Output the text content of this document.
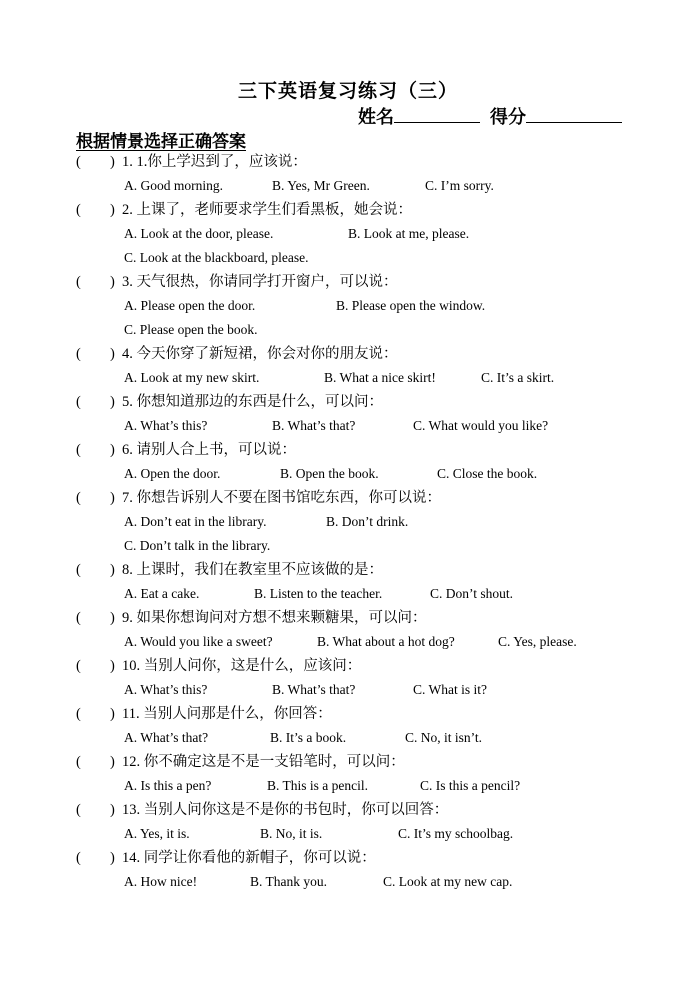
三下英语复习练习（三）
姓名	得分
根据情景选择正确答案
( ) 1. 1.你上学迟到了，应该说：
A. Good morning.	B. Yes, Mr Green.	C. I’m sorry.
( ) 2. 上课了，老师要求学生们看黑板，她会说：
A. Look at the door, please.	B. Look at me, please.
C. Look at the blackboard, please.
( ) 3. 天气很热，你请同学打开窗户，可以说：
A. Please open the door.	B. Please open the window.
C. Please open the book.
( ) 4. 今天你穿了新短裙，你会对你的朋友说：
A. Look at my new skirt.	B. What a nice skirt!	C. It’s a skirt.
( ) 5. 你想知道那边的东西是什么，可以问：
A. What’s this?	B. What’s that?	C. What would you like?
( ) 6. 请别人合上书，可以说：
A. Open the door.	B. Open the book.	C. Close the book.
( ) 7. 你想告诉别人不要在图书馆吃东西，你可以说：
A. Don’t eat in the library.	B. Don’t drink.
C. Don’t talk in the library.
( ) 8. 上课时，我们在教室里不应该做的是：
A. Eat a cake.	B. Listen to the teacher.	C. Don’t shout.
( ) 9. 如果你想询问对方想不想来颗糖果，可以问：
A. Would you like a sweet?	B. What about a hot dog?	C. Yes, please.
( ) 10. 当别人问你，这是什么，应该问：
A. What’s this?	B. What’s that?	C. What is it?
( ) 11. 当别人问那是什么，你回答：
A. What’s that?	B. It’s a book.	C. No, it isn’t.
( ) 12. 你不确定这是不是一支铅笔时，可以问：
A. Is this a pen?	B. This is a pencil.	C. Is this a pencil?
( ) 13. 当别人问你这是不是你的书包时，你可以回答：
A. Yes, it is.	B. No, it is.	C. It’s my schoolbag.
( ) 14. 同学让你看他的新帽子，你可以说：
A. How nice!	B. Thank you.	C. Look at my new cap.
